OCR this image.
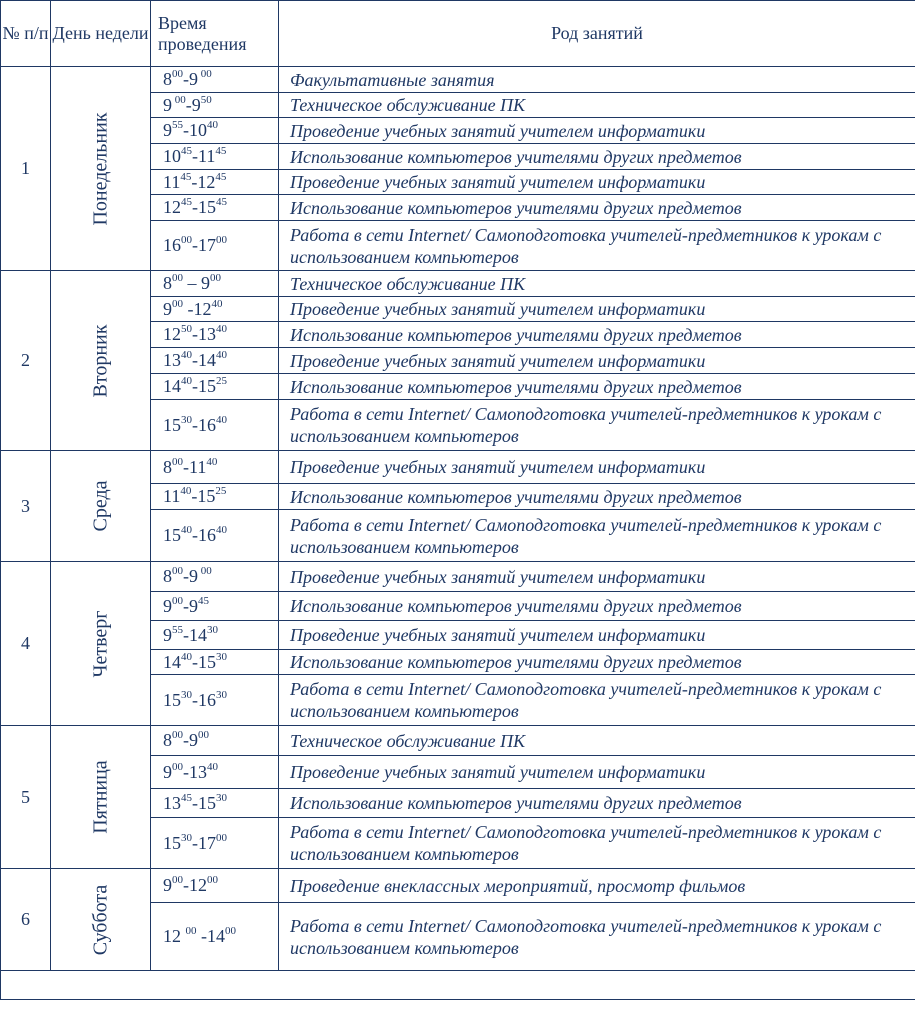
№ п/п	День недели	Время проведения	Род занятий
1	Понедельник	$8^{00}-9$ $^{00}$	Факультативные занятия
		9 $^{00}-9^{50}$	Техническое обслуживание ПК
		$9^{55}-10^{40}$	Проведение учебных занятий учителем информатики
		$10^{45}-11^{45}$	Использование компьютеров учителями других предметов
		$11^{45}-12^{45}$	Проведение учебных занятий учителем информатики
		$12^{45}-15^{45}$	Использование компьютеров учителями других предметов
		$16^{00}-17^{00}$	Работа в сети Internet/ Самоподготовка учителей-предметников к урокам с использованием компьютеров
2	Вторник	$8^{00} - 9^{00}$	Техническое обслуживание ПК
		$9^{00}$ $-12^{40}$	Проведение учебных занятий учителем информатики
		$12^{50}-13^{40}$	Использование компьютеров учителями других предметов
		$13^{40}-14^{40}$	Проведение учебных занятий учителем информатики
		$14^{40}-15^{25}$	Использование компьютеров учителями других предметов
		$15^{30}-16^{40}$	Работа в сети Internet/ Самоподготовка учителей-предметников к урокам с использованием компьютеров
3	Среда	$8^{00}-11^{40}$	Проведение учебных занятий учителем информатики
		$11^{40}-15^{25}$	Использование компьютеров учителями других предметов
		$15^{40}-16^{40}$	Работа в сети Internet/ Самоподготовка учителей-предметников к урокам с использованием компьютеров
4	Четверг	$8^{00}-9$ $^{00}$	Проведение учебных занятий учителем информатики
		$9^{00}-9^{45}$	Использование компьютеров учителями других предметов
		$9^{55}-14^{30}$	Проведение учебных занятий учителем информатики
		$14^{40}-15^{30}$	Использование компьютеров учителями других предметов
		$15^{30}-16^{30}$	Работа в сети Internet/ Самоподготовка учителей-предметников к урокам с использованием компьютеров
5	Пятница	$8^{00}-9^{00}$	Техническое обслуживание ПК
		$9^{00}-13^{40}$	Проведение учебных занятий учителем информатики
		$13^{45}-15^{30}$	Использование компьютеров учителями других предметов
		$15^{30}-17^{00}$	Работа в сети Internet/ Самоподготовка учителей-предметников к урокам с использованием компьютеров
6	Суббота	$9^{00}-12^{00}$	Проведение внеклассных мероприятий, просмотр фильмов
		12 $^{00}$ $-14^{00}$	Работа в сети Internet/ Самоподготовка учителей-предметников к урокам с использованием компьютеров
